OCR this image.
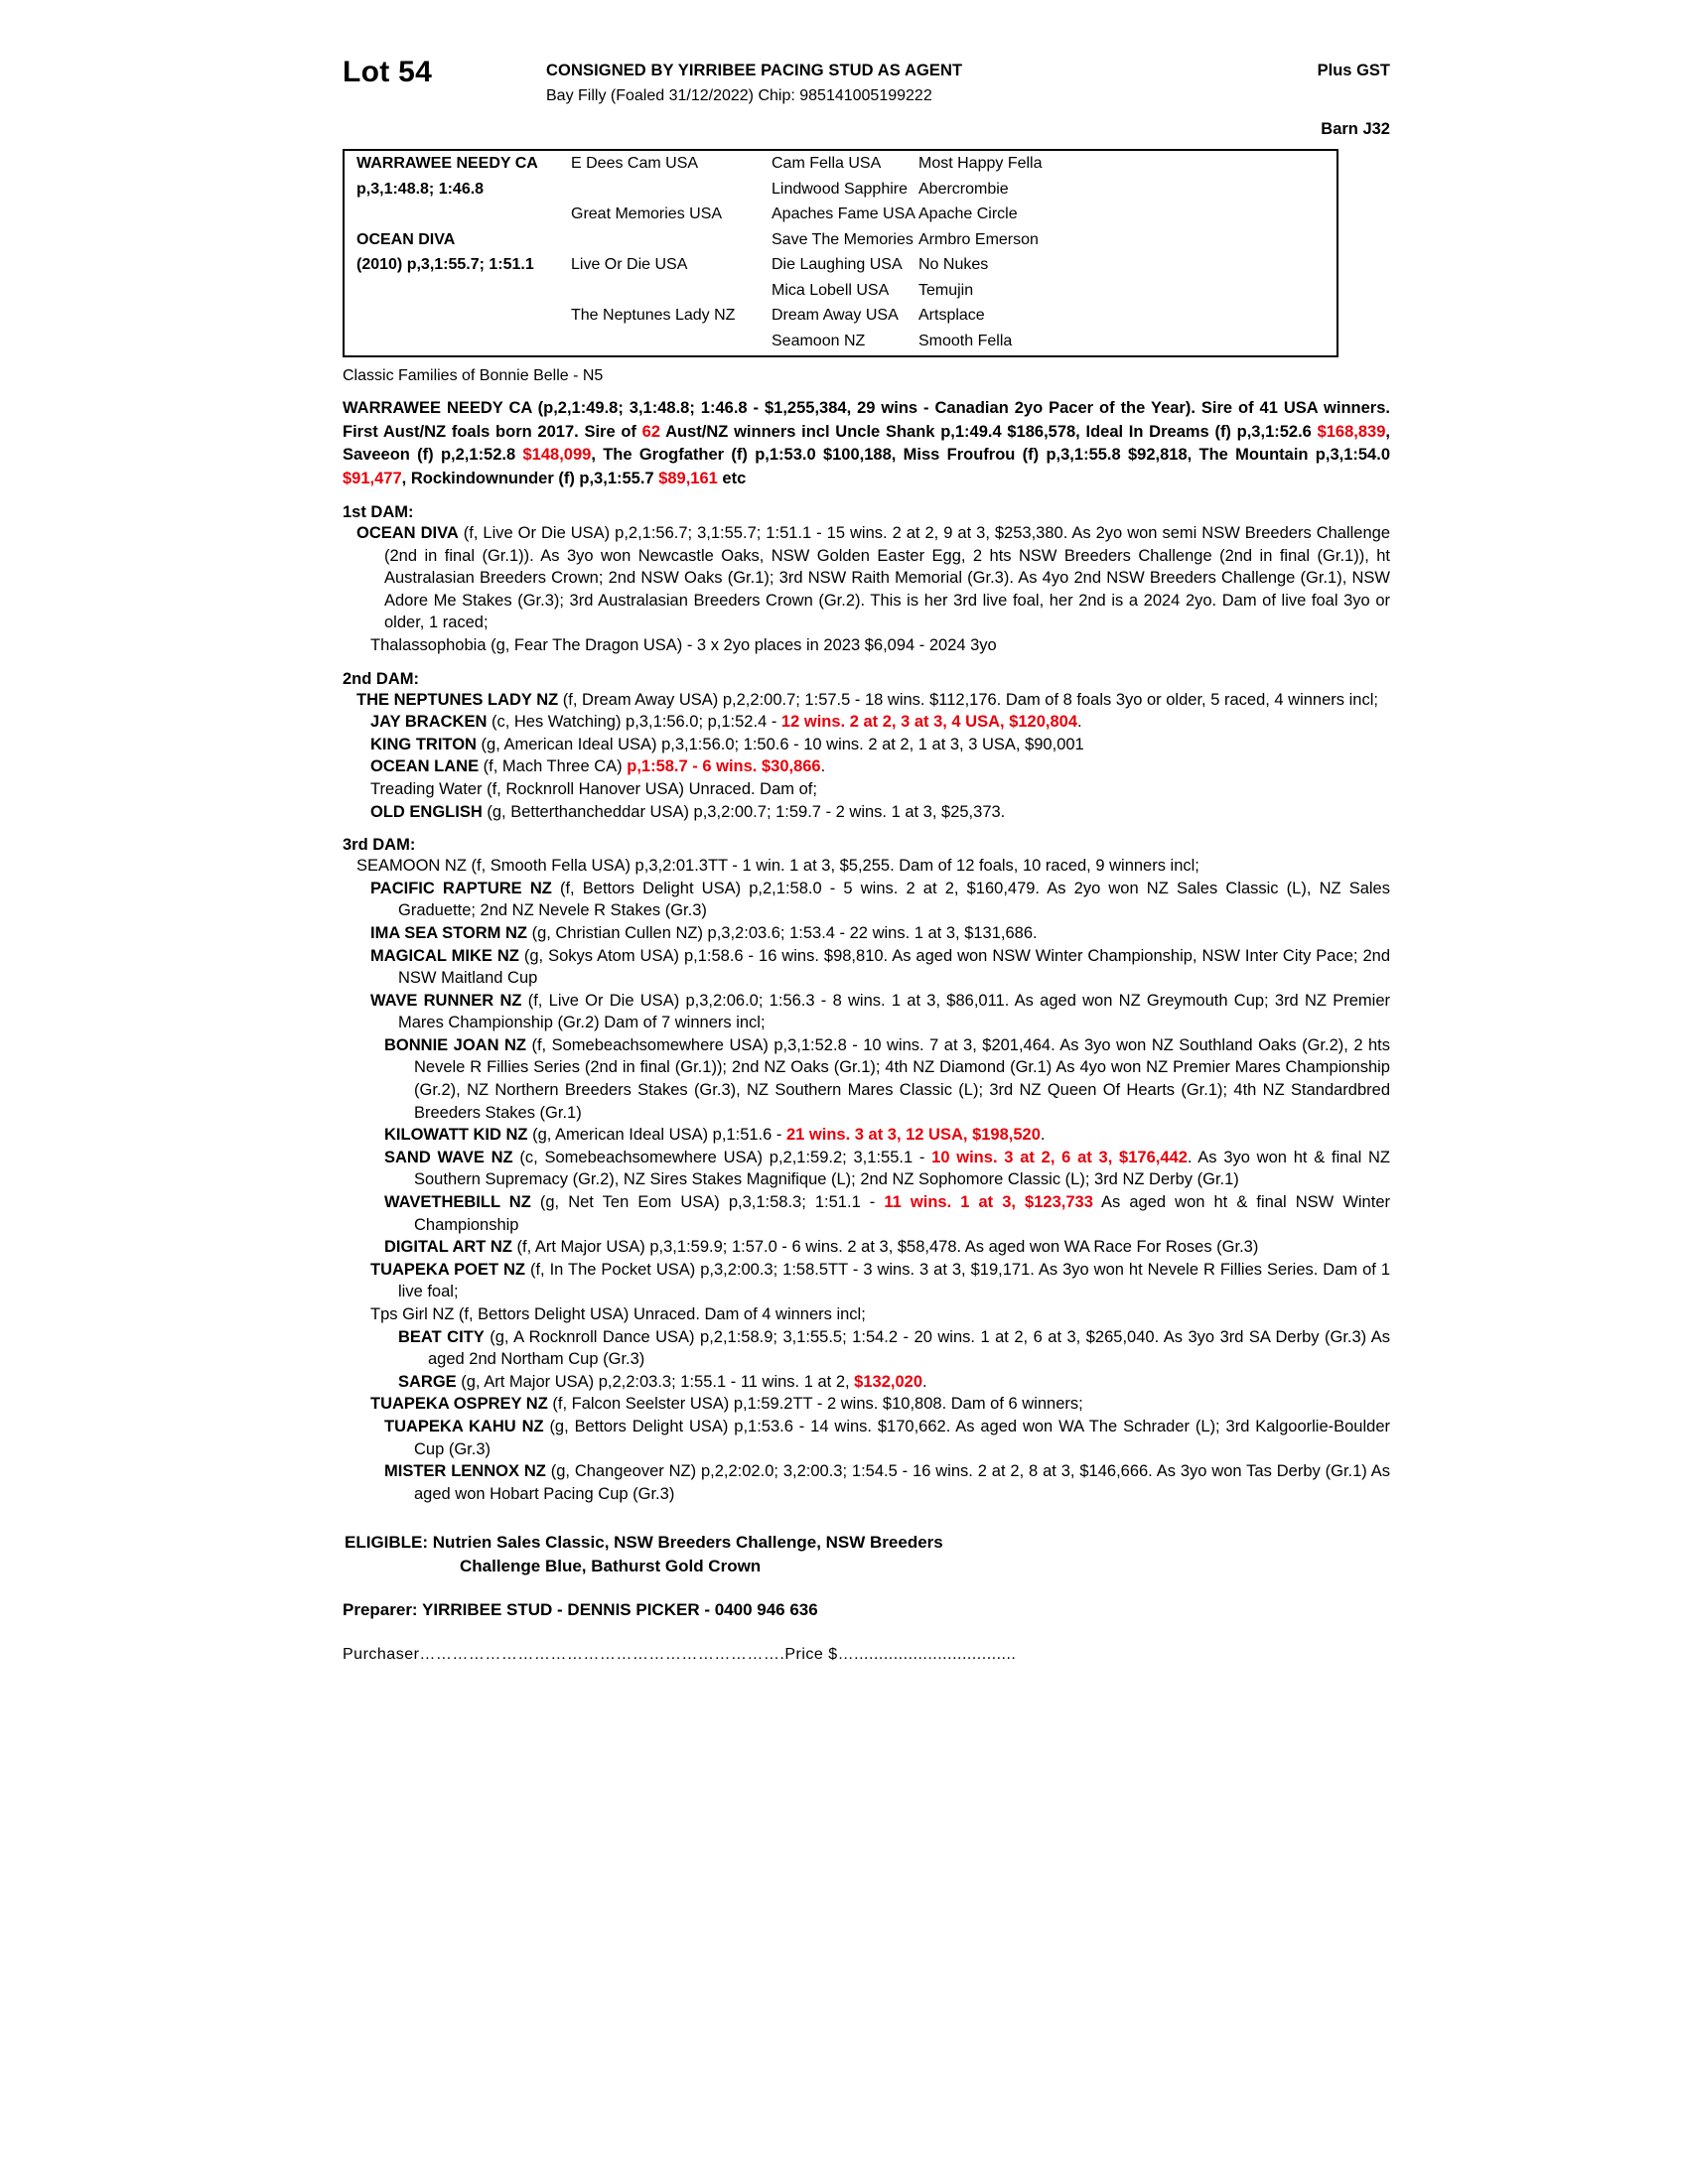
Lot 54	CONSIGNED BY YIRRIBEE PACING STUD AS AGENT
Bay Filly (Foaled 31/12/2022) Chip: 985141005199222
Plus GST
Barn J32
WARRAWEE NEEDY CA
p,3,1:48.8; 1:46.8
OCEAN DIVA
(2010) p,3,1:55.7; 1:51.1
E Dees Cam USA
Great Memories USA
Live Or Die USA
The Neptunes Lady NZ
Cam Fella USA
Lindwood Sapphire
Apaches Fame USA
Save The Memories
Die Laughing USA
Mica Lobell USA
Dream Away USA
Seamoon NZ
Most Happy Fella
Abercrombie
Apache Circle
Armbro Emerson
No Nukes
Temujin
Artsplace
Smooth Fella
Classic Families of Bonnie Belle - N5
WARRAWEE NEEDY CA (p,2,1:49.8; 3,1:48.8; 1:46.8 - $1,255,384, 29 wins - Canadian 2yo Pacer of the Year). Sire of 41 USA winners. First Aust/NZ foals born 2017. Sire of 62 Aust/NZ winners incl Uncle Shank p,1:49.4 $186,578, Ideal In Dreams (f) p,3,1:52.6 $168,839, Saveeon (f) p,2,1:52.8 $148,099, The Grogfather (f) p,1:53.0 $100,188, Miss Froufrou (f) p,3,1:55.8 $92,818, The Mountain p,3,1:54.0 $91,477, Rockindownunder (f) p,3,1:55.7 $89,161 etc
1st DAM:
OCEAN DIVA (f, Live Or Die USA) p,2,1:56.7; 3,1:55.7; 1:51.1 - 15 wins. 2 at 2, 9 at 3, $253,380. As 2yo won semi NSW Breeders Challenge (2nd in final (Gr.1)). As 3yo won Newcastle Oaks, NSW Golden Easter Egg, 2 hts NSW Breeders Challenge (2nd in final (Gr.1)), ht Australasian Breeders Crown; 2nd NSW Oaks (Gr.1); 3rd NSW Raith Memorial (Gr.3). As 4yo 2nd NSW Breeders Challenge (Gr.1), NSW Adore Me Stakes (Gr.3); 3rd Australasian Breeders Crown (Gr.2). This is her 3rd live foal, her 2nd is a 2024 2yo. Dam of live foal 3yo or older, 1 raced;
Thalassophobia (g, Fear The Dragon USA) - 3 x 2yo places in 2023 $6,094 - 2024 3yo
2nd DAM:
THE NEPTUNES LADY NZ (f, Dream Away USA) p,2,2:00.7; 1:57.5 - 18 wins. $112,176. Dam of 8 foals 3yo or older, 5 raced, 4 winners incl;
JAY BRACKEN (c, Hes Watching) p,3,1:56.0; p,1:52.4 - 12 wins. 2 at 2, 3 at 3, 4 USA, $120,804.
KING TRITON (g, American Ideal USA) p,3,1:56.0; 1:50.6 - 10 wins. 2 at 2, 1 at 3, 3 USA, $90,001
OCEAN LANE (f, Mach Three CA) p,1:58.7 - 6 wins. $30,866.
Treading Water (f, Rocknroll Hanover USA) Unraced. Dam of;
OLD ENGLISH (g, Betterthancheddar USA) p,3,2:00.7; 1:59.7 - 2 wins. 1 at 3, $25,373.
3rd DAM:
SEAMOON NZ (f, Smooth Fella USA) p,3,2:01.3TT - 1 win. 1 at 3, $5,255. Dam of 12 foals, 10 raced, 9 winners incl;
PACIFIC RAPTURE NZ (f, Bettors Delight USA) p,2,1:58.0 - 5 wins. 2 at 2, $160,479. As 2yo won NZ Sales Classic (L), NZ Sales Graduette; 2nd NZ Nevele R Stakes (Gr.3)
IMA SEA STORM NZ (g, Christian Cullen NZ) p,3,2:03.6; 1:53.4 - 22 wins. 1 at 3, $131,686.
MAGICAL MIKE NZ (g, Sokys Atom USA) p,1:58.6 - 16 wins. $98,810. As aged won NSW Winter Championship, NSW Inter City Pace; 2nd NSW Maitland Cup
WAVE RUNNER NZ (f, Live Or Die USA) p,3,2:06.0; 1:56.3 - 8 wins. 1 at 3, $86,011. As aged won NZ Greymouth Cup; 3rd NZ Premier Mares Championship (Gr.2) Dam of 7 winners incl;
BONNIE JOAN NZ (f, Somebeachsomewhere USA) p,3,1:52.8 - 10 wins. 7 at 3, $201,464. As 3yo won NZ Southland Oaks (Gr.2), 2 hts Nevele R Fillies Series (2nd in final (Gr.1)); 2nd NZ Oaks (Gr.1); 4th NZ Diamond (Gr.1) As 4yo won NZ Premier Mares Championship (Gr.2), NZ Northern Breeders Stakes (Gr.3), NZ Southern Mares Classic (L); 3rd NZ Queen Of Hearts (Gr.1); 4th NZ Standardbred Breeders Stakes (Gr.1)
KILOWATT KID NZ (g, American Ideal USA) p,1:51.6 - 21 wins. 3 at 3, 12 USA, $198,520.
SAND WAVE NZ (c, Somebeachsomewhere USA) p,2,1:59.2; 3,1:55.1 - 10 wins. 3 at 2, 6 at 3, $176,442. As 3yo won ht & final NZ Southern Supremacy (Gr.2), NZ Sires Stakes Magnifique (L); 2nd NZ Sophomore Classic (L); 3rd NZ Derby (Gr.1)
WAVETHEBILL NZ (g, Net Ten Eom USA) p,3,1:58.3; 1:51.1 - 11 wins. 1 at 3, $123,733 As aged won ht & final NSW Winter Championship
DIGITAL ART NZ (f, Art Major USA) p,3,1:59.9; 1:57.0 - 6 wins. 2 at 3, $58,478. As aged won WA Race For Roses (Gr.3)
TUAPEKA POET NZ (f, In The Pocket USA) p,3,2:00.3; 1:58.5TT - 3 wins. 3 at 3, $19,171. As 3yo won ht Nevele R Fillies Series. Dam of 1 live foal;
Tps Girl NZ (f, Bettors Delight USA) Unraced. Dam of 4 winners incl;
BEAT CITY (g, A Rocknroll Dance USA) p,2,1:58.9; 3,1:55.5; 1:54.2 - 20 wins. 1 at 2, 6 at 3, $265,040. As 3yo 3rd SA Derby (Gr.3) As aged 2nd Northam Cup (Gr.3)
SARGE (g, Art Major USA) p,2,2:03.3; 1:55.1 - 11 wins. 1 at 2, $132,020.
TUAPEKA OSPREY NZ (f, Falcon Seelster USA) p,1:59.2TT - 2 wins. $10,808. Dam of 6 winners;
TUAPEKA KAHU NZ (g, Bettors Delight USA) p,1:53.6 - 14 wins. $170,662. As aged won WA The Schrader (L); 3rd Kalgoorlie-Boulder Cup (Gr.3)
MISTER LENNOX NZ (g, Changeover NZ) p,2,2:02.0; 3,2:00.3; 1:54.5 - 16 wins. 2 at 2, 8 at 3, $146,666. As 3yo won Tas Derby (Gr.1) As aged won Hobart Pacing Cup (Gr.3)
ELIGIBLE: Nutrien Sales Classic, NSW Breeders Challenge, NSW Breeders
Challenge Blue, Bathurst Gold Crown
Preparer: YIRRIBEE STUD - DENNIS PICKER - 0400 946 636
Purchaser………………………………………………………….Price $….................................
